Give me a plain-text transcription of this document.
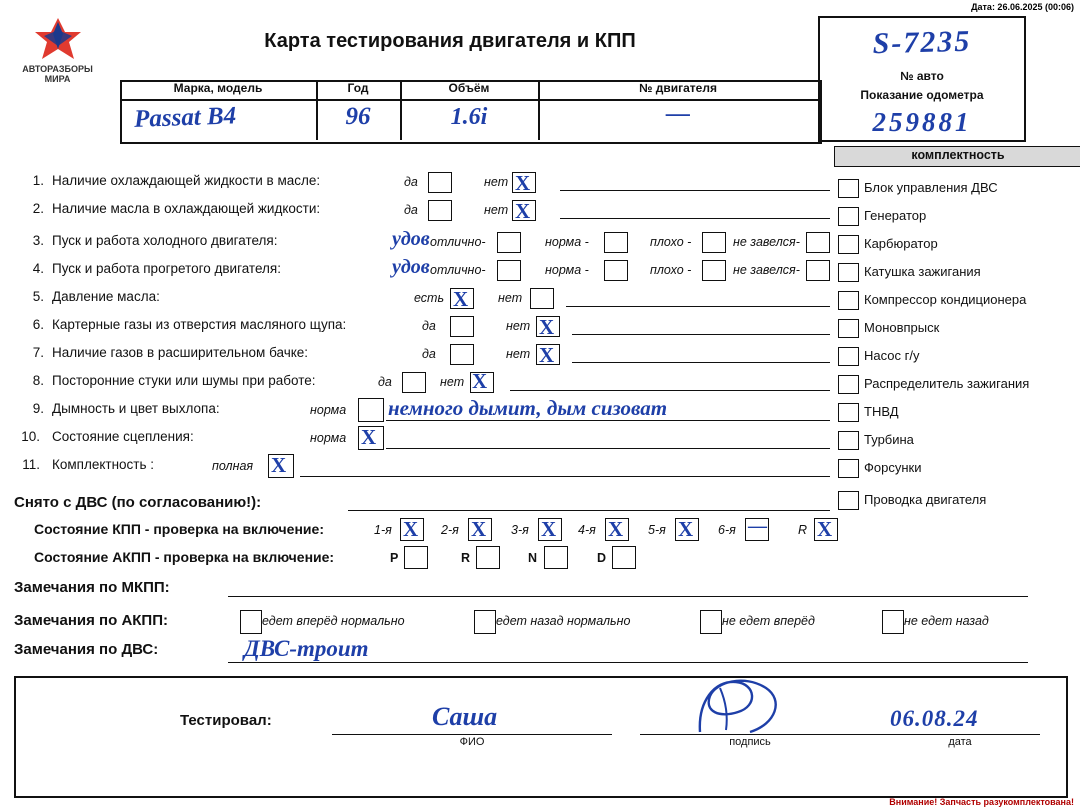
Дата: 26.06.2025 (00:06)
Внимание! Запчасть разукомплектована!
АВТОРАЗБОРЫ
МИРА
Карта тестирования двигателя и КПП	S-7235
№ авто
Показание одометра
259881
Марка, модель	Год	Объём	№ двигателя
Passat B4	96	1.6i	—
1. Наличие охлаждающей жидкости в масле:	да	нет X
2. Наличие масла в охлаждающей жидкости:	да	нет X
3. Пуск и работа холодного двигателя:	удов отлично-	норма -	плохо -	не завелся-
4. Пуск и работа прогретого двигателя:	удов отлично-	норма -	плохо -	не завелся-
5. Давление масла:	есть X нет
6. Картерные газы из отверстия масляного щупа:	да	нет X
7. Наличие газов в расширительном бачке:	да	нет X
8. Посторонние стуки или шумы при работе:	да	нет X
9. Дымность и цвет выхлопа:	норма немного дымит, дым сизоват
10. Состояние сцепления:	норма X
11. Комплектность :	полная X
Снято с ДВС (по согласованию!):
комплектность
Блок управления ДВС
Генератор
Карбюратор
Катушка зажигания
Компрессор кондиционера
Моновпрыск
Насос г/у
Распределитель зажигания
ТНВД
Турбина
Форсунки
Проводка двигателя
Состояние КПП - проверка на включение:	1-я X 2-я X 3-я X 4-я X 5-я X 6-я — R X
Состояние АКПП - проверка на включение:	P	R	N	D
Замечания по МКПП:
Замечания по АКПП:	едет вперёд нормально	едет назад нормально	не едет вперёд	не едет назад
Замечания по ДВС:	ДВС-троит
Тестировал:	Саша
ФИО	подпись
06.08.24
дата
